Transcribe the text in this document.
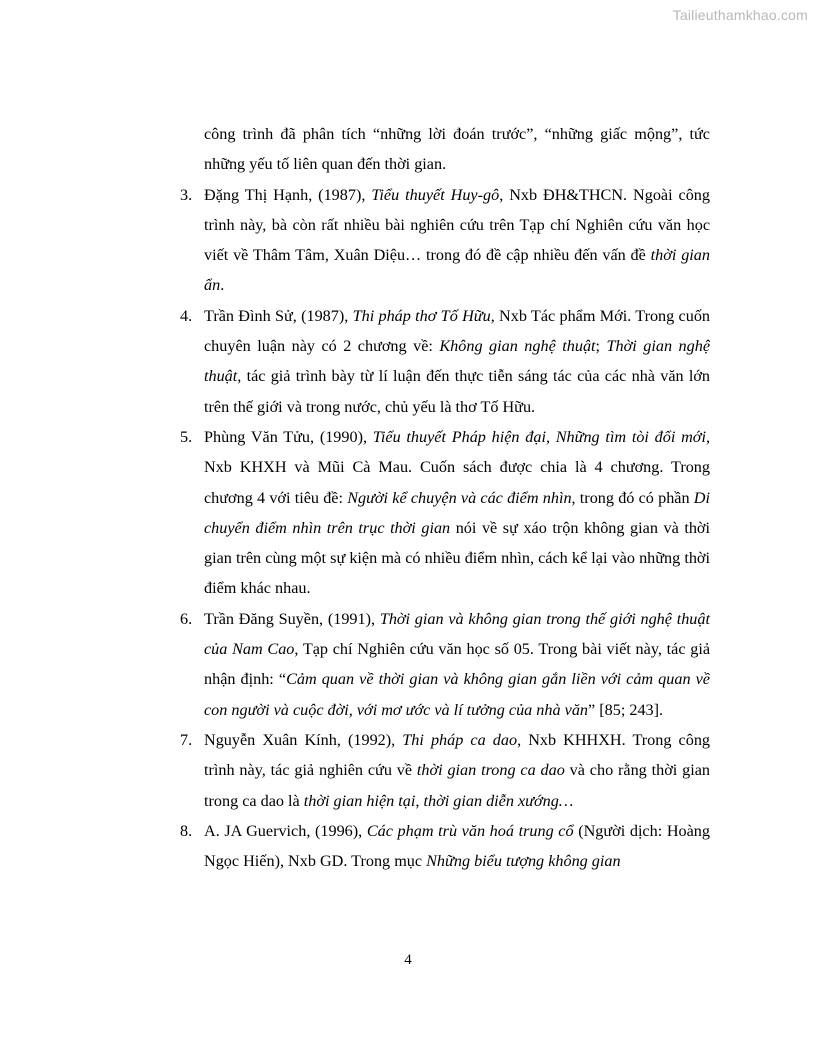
Tailieuthamkhao.com
công trình đã phân tích “những lời đoán trước”, “những giấc mộng”, tức những yếu tố liên quan đến thời gian.
3. Đặng Thị Hạnh, (1987), Tiểu thuyết Huy-gô, Nxb ĐH&THCN. Ngoài công trình này, bà còn rất nhiều bài nghiên cứu trên Tạp chí Nghiên cứu văn học viết về Thâm Tâm, Xuân Diệu… trong đó đề cập nhiều đến vấn đề thời gian ẩn.
4. Trần Đình Sử, (1987), Thi pháp thơ Tố Hữu, Nxb Tác phẩm Mới. Trong cuốn chuyên luận này có 2 chương về: Không gian nghệ thuật; Thời gian nghệ thuật, tác giả trình bày từ lí luận đến thực tiễn sáng tác của các nhà văn lớn trên thế giới và trong nước, chủ yếu là thơ Tố Hữu.
5. Phùng Văn Tửu, (1990), Tiểu thuyết Pháp hiện đại, Những tìm tòi đổi mới, Nxb KHXH và Mũi Cà Mau. Cuốn sách được chia là 4 chương. Trong chương 4 với tiêu đề: Người kể chuyện và các điểm nhìn, trong đó có phần Di chuyển điểm nhìn trên trục thời gian nói về sự xáo trộn không gian và thời gian trên cùng một sự kiện mà có nhiều điểm nhìn, cách kể lại vào những thời điểm khác nhau.
6. Trần Đăng Suyền, (1991), Thời gian và không gian trong thế giới nghệ thuật của Nam Cao, Tạp chí Nghiên cứu văn học số 05. Trong bài viết này, tác giả nhận định: “Cảm quan về thời gian và không gian gắn liền với cảm quan về con người và cuộc đời, với mơ ước và lí tưởng của nhà văn” [85; 243].
7. Nguyễn Xuân Kính, (1992), Thi pháp ca dao, Nxb KHHXH. Trong công trình này, tác giả nghiên cứu về thời gian trong ca dao và cho rằng thời gian trong ca dao là thời gian hiện tại, thời gian diễn xướng…
8. A. JA Guervich, (1996), Các phạm trù văn hoá trung cổ (Người dịch: Hoàng Ngọc Hiến), Nxb GD. Trong mục Những biểu tượng không gian
4
